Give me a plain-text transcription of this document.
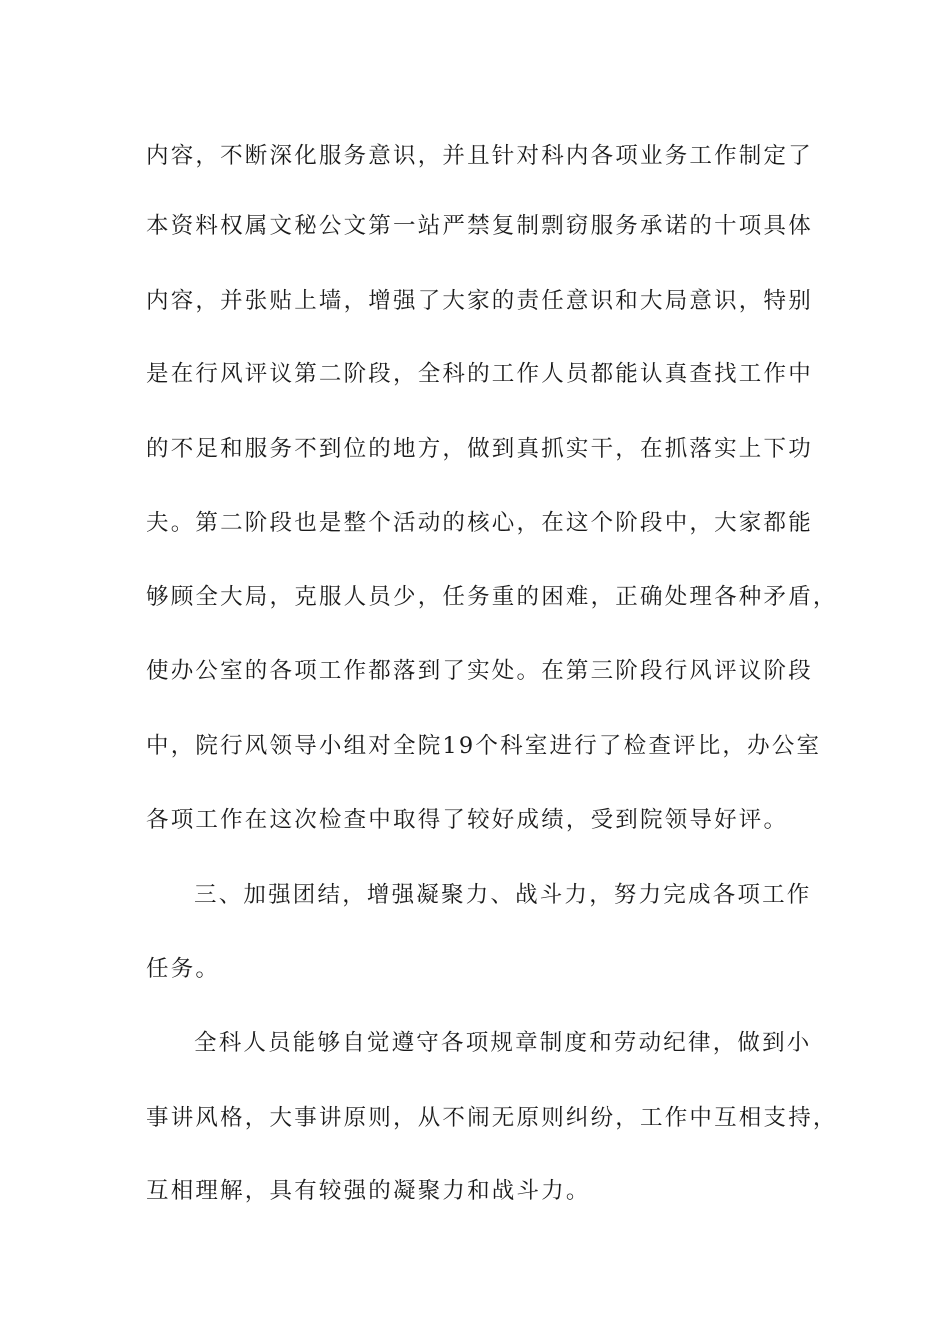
内容，不断深化服务意识，并且针对科内各项业务工作制定了
本资料权属文秘公文第一站严禁复制剽窃服务承诺的十项具体
内容，并张贴上墙，增强了大家的责任意识和大局意识，特别
是在行风评议第二阶段，全科的工作人员都能认真查找工作中
的不足和服务不到位的地方，做到真抓实干，在抓落实上下功
夫。第二阶段也是整个活动的核心，在这个阶段中，大家都能
够顾全大局，克服人员少，任务重的困难，正确处理各种矛盾，
使办公室的各项工作都落到了实处。在第三阶段行风评议阶段
中，院行风领导小组对全院19个科室进行了检查评比，办公室
各项工作在这次检查中取得了较好成绩，受到院领导好评。
三、加强团结，增强凝聚力、战斗力，努力完成各项工作
任务。
全科人员能够自觉遵守各项规章制度和劳动纪律，做到小
事讲风格，大事讲原则，从不闹无原则纠纷，工作中互相支持，
互相理解，具有较强的凝聚力和战斗力。
